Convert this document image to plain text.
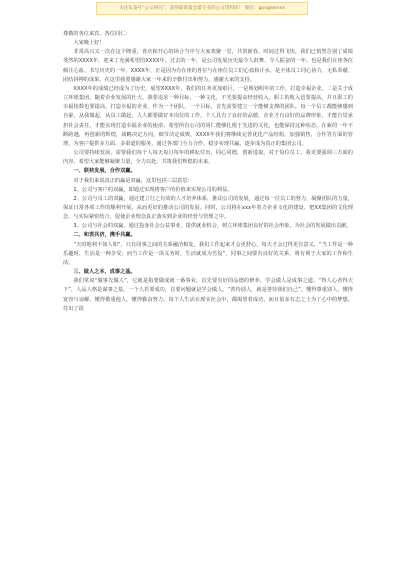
关注头条号“公文研究”，获得最新最全最专业的公文资料库！ 微信：gongwenxx

尊敬的各位来宾、各位同仁：

大家晚上好！

非常高兴又一次在这个隆重、喜庆和开心的场合当中与大家欢聚一堂，共贺新春。时间过得飞快，我们已悄然告别了成绩斐然的XXXX年，迎来了充满希望的XXXX年。过去的一年，是公司发展历史最令人鼓舞、令人振奋的一年，也是我们在座各位倾注心血、书写历史的一年。XXXX年，正是因为有在座的各位与在座位员工们心血和汗水，是全体员工同心协力、无私奉献、团结拼搏的成果。在这里我要感谢大家一年来的辛勤付出和努力，感谢大家的支持。

XXXX年的成绩已经成为了历史，展望XXXX年，我们的任务更加艰巨，一是规划明年的工作，打造幸福企业。二是关于成立环球集团。随着企业发展的壮大，我要追求一种目标、一种文化，不光要提高经营收入，职工的收入也要提高，并且职工的幸福指数也要提高，打造幸福的企业。作为一个团队，一个目标，首先需要建立一个能够支撑的团队，每一个员工都能够感到自豪，从我做起，从员工做起，人人都要做好本岗位的工作，个人具有了良好的品德，企业才有良好的品牌形象，才能自觉承担社会责任，才能实现打造幸福企业的使命。希望所有公司的同仁能够扎根于先进的文化，也能保持这种状态，在新的一年不断跨越，再创新的辉煌，战略决定方向，细节决定成败，XXXX年我们将继续完善优化产品结构，加强销售，合作等方面的管理，为客户提供多方面、多渠道的服务，通过各部门全力合作，稳步实现共赢，逐步成为真正的集团公司。

公司要持续发展，需要我们每个人每天每月每年的耕耘付出，同心同德，创新进取。对于每位员工，我更要强调三方面的内容，希望大家能够凝聚力量，全力以赴，共筑我们辉煌的未来。

一、联袂发展，合作双赢。

对于我们来说真正的赢是双赢，这里包括三层意思：

1、公司与客户的双赢，即通过实现将客户的价值来实现公司的利益。

2、公司与员工的双赢，通过建立行之有效的人才培养体系，推动公司的发展，通过每一位员工的努力，凝聚团队的力量，保证日常各项工作的顺利开展，从而更好的推动公司的发展。同时，公司将在xxx年着力企业文化的建设，把XX集团的文化理念，与实际紧密结合，促使企业理念真正落实到企业的经营与管理之中。

3、公司与社会的双赢，通过投身社会公益事业，提供就业机会，树立环球集团良好的社会形象，为社会的发展做出贡献。

二、和衷共济，携手共赢。

“天时地利不如人和”，只有同事之间的关系融洽相处，我们工作起来才会更舒心，每天才会过得更有意义。“当工作是一种乐趣时，生活是一种享受；而当工作是一项义务时，生活就成为苦役”，同事之间要有良好的关系，将有利于大家的工作和生活。

三、做人之本，成事之基。

我们常说“做事先做人”，它就是指要做成就一番事业，首先要有好的品德的修养，学会做人是成事之道。“得人心者得天下”，人品人格是谋事之基，一个人若要成功，首要问题就是学会做人。“善待别人，就是善待我们自己”，懂得尊重别人，懂得宽容与谅解，懂得敬重他人，懂得勤奋努力。每个人生活在现实社会中，都渴望着成功，而且很多有志之士为了心中的梦想，付出了很
